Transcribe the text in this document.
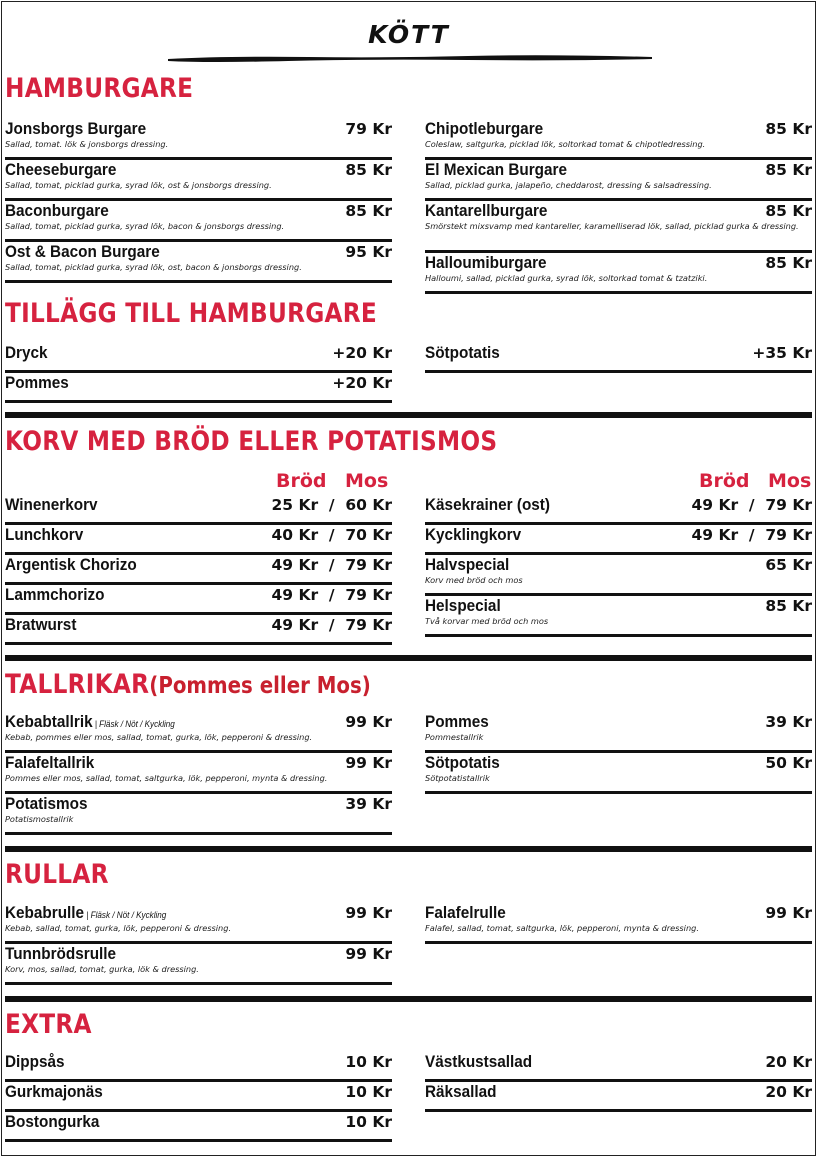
KÖTT
HAMBURGARE
Jonsborgs Burgare	79 Kr
Sallad, tomat. lök & jonsborgs dressing.
Cheeseburgare	85 Kr
Sallad, tomat, picklad gurka, syrad lök, ost & jonsborgs dressing.
Baconburgare	85 Kr
Sallad, tomat, picklad gurka, syrad lök, bacon & jonsborgs dressing.
Ost & Bacon Burgare	95 Kr
Sallad, tomat, picklad gurka, syrad lök, ost, bacon & jonsborgs dressing.
Chipotleburgare	85 Kr
Coleslaw, saltgurka, picklad lök, soltorkad tomat & chipotledressing.
El Mexican Burgare	85 Kr
Sallad, picklad gurka, jalapeño, cheddarost, dressing & salsadressing.
Kantarellburgare	85 Kr
Smörstekt mixsvamp med kantareller, karamelliserad lök, sallad, picklad gurka & dressing.
Halloumiburgare	85 Kr
Halloumi, sallad, picklad gurka, syrad lök, soltorkad tomat & tzatziki.
TILLÄGG TILL HAMBURGARE
Dryck	+20 Kr
Pommes	+20 Kr
Sötpotatis	+35 Kr
KORV MED BRÖD ELLER POTATISMOS
Bröd Mos	Bröd Mos
Winenerkorv	25 Kr  /  60 Kr
Lunchkorv	40 Kr  /  70 Kr
Argentisk Chorizo	49 Kr  /  79 Kr
Lammchorizo	49 Kr  /  79 Kr
Bratwurst	49 Kr  /  79 Kr
Käsekrainer (ost)	49 Kr  /  79 Kr
Kycklingkorv	49 Kr  /  79 Kr
Halvspecial	65 Kr
Korv med bröd och mos
Helspecial	85 Kr
Två korvar med bröd och mos
TALLRIKAR(Pommes eller Mos)
Kebabtallrik | Fläsk / Nöt / Kyckling	99 Kr
Kebab, pommes eller mos, sallad, tomat, gurka, lök, pepperoni & dressing.
Falafeltallrik	99 Kr
Pommes eller mos, sallad, tomat, saltgurka, lök, pepperoni, mynta & dressing.
Potatismos	39 Kr
Potatismostallrik
Pommes	39 Kr
Pommestallrik
Sötpotatis	50 Kr
Sötpotatistallrik
RULLAR
Kebabrulle | Fläsk / Nöt / Kyckling	99 Kr
Kebab, sallad, tomat, gurka, lök, pepperoni & dressing.
Tunnbrödsrulle	99 Kr
Korv, mos, sallad, tomat, gurka, lök & dressing.
Falafelrulle	99 Kr
Falafel, sallad, tomat, saltgurka, lök, pepperoni, mynta & dressing.
EXTRA
Dippsås	10 Kr
Gurkmajonäs	10 Kr
Bostongurka	10 Kr
Västkustsallad	20 Kr
Räksallad	20 Kr
